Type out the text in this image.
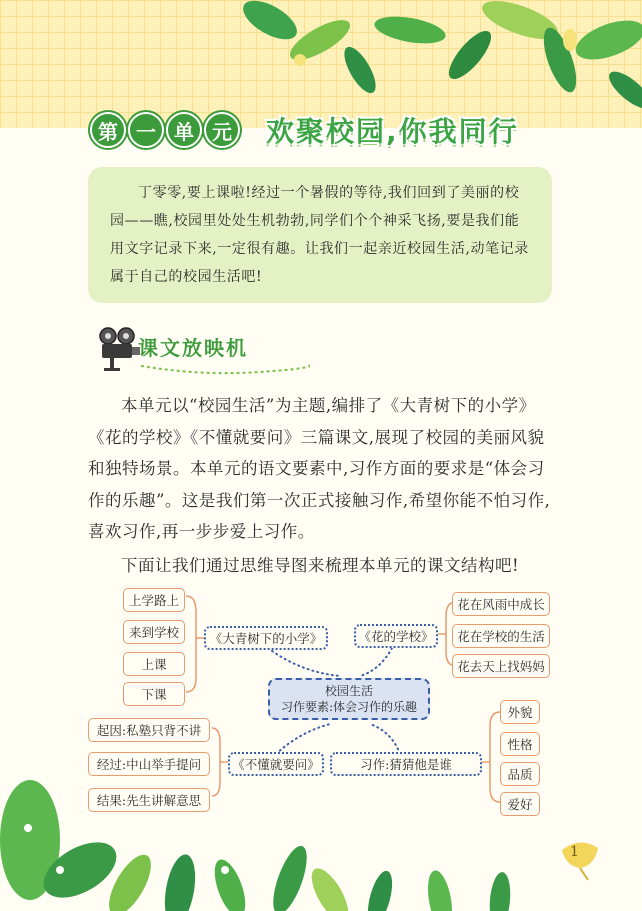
第 一 单 元 欢聚校园,你我同行

丁零零,要上课啦!经过一个暑假的等待,我们回到了美丽的校园——瞧,校园里处处生机勃勃,同学们个个神采飞扬,要是我们能用文字记录下来,一定很有趣。让我们一起亲近校园生活,动笔记录属于自己的校园生活吧!

课文放映机

本单元以“校园生活”为主题,编排了《大青树下的小学》《花的学校》《不懂就要问》三篇课文,展现了校园的美丽风貌和独特场景。本单元的语文要素中,习作方面的要求是“体会习作的乐趣”。这是我们第一次正式接触习作,希望你能不怕习作,喜欢习作,再一步步爱上习作。

下面让我们通过思维导图来梳理本单元的课文结构吧!

上学路上
来到学校
上课
下课
《大青树下的小学》	《花的学校》
花在风雨中成长
花在学校的生活
花去天上找妈妈
校园生活
习作要素:体会习作的乐趣
起因:私塾只背不讲
经过:中山举手提问
结果:先生讲解意思
《不懂就要问》	习作:猜猜他是谁
外貌
性格
品质
爱好
1
